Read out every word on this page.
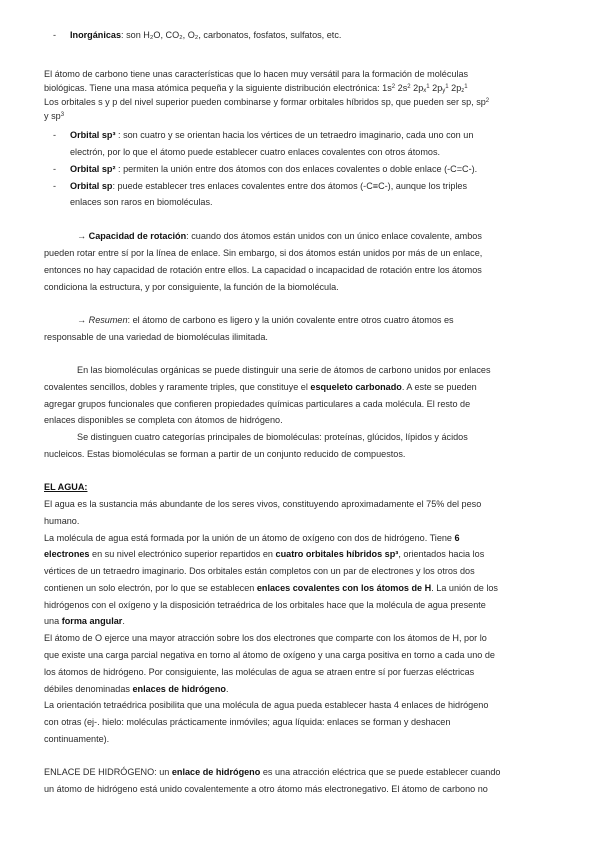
- Inorgánicas: son H₂O, CO₂, O₂, carbonatos, fosfatos, sulfatos, etc.
El átomo de carbono tiene unas características que lo hacen muy versátil para la formación de moléculas
biológicas. Tiene una masa atómica pequeña y la siguiente distribución electrónica: $1s^2$ $2s^2$ $2p_x^1$ $2p_y^1$ $2p_z^1$
Los orbitales s y p del nivel superior pueden combinarse y formar orbitales híbridos sp, que pueden ser sp, $sp^2$
y $sp^3$
- Orbital sp³ : son cuatro y se orientan hacia los vértices de un tetraedro imaginario, cada uno con un
electrón, por lo que el átomo puede establecer cuatro enlaces covalentes con otros átomos.
- Orbital sp² : permiten la unión entre dos átomos con dos enlaces covalentes o doble enlace (-C=C-).
- Orbital sp: puede establecer tres enlaces covalentes entre dos átomos (-C≡C-), aunque los triples
enlaces son raros en biomoléculas.
→ Capacidad de rotación: cuando dos átomos están unidos con un único enlace covalente, ambos
pueden rotar entre sí por la línea de enlace. Sin embargo, si dos átomos están unidos por más de un enlace,
entonces no hay capacidad de rotación entre ellos. La capacidad o incapacidad de rotación entre los átomos
condiciona la estructura, y por consiguiente, la función de la biomolécula.
→ Resumen: el átomo de carbono es ligero y la unión covalente entre otros cuatro átomos es
responsable de una variedad de biomoléculas ilimitada.
En las biomoléculas orgánicas se puede distinguir una serie de átomos de carbono unidos por enlaces
covalentes sencillos, dobles y raramente triples, que constituye el esqueleto carbonado. A este se pueden
agregar grupos funcionales que confieren propiedades químicas particulares a cada molécula. El resto de
enlaces disponibles se completa con átomos de hidrógeno.
Se distinguen cuatro categorías principales de biomoléculas: proteínas, glúcidos, lípidos y ácidos
nucleicos. Estas biomoléculas se forman a partir de un conjunto reducido de compuestos.
EL AGUA:
El agua es la sustancia más abundante de los seres vivos, constituyendo aproximadamente el 75% del peso
humano.
La molécula de agua está formada por la unión de un átomo de oxígeno con dos de hidrógeno. Tiene 6
electrones en su nivel electrónico superior repartidos en cuatro orbitales híbridos sp³, orientados hacia los
vértices de un tetraedro imaginario. Dos orbitales están completos con un par de electrones y los otros dos
contienen un solo electrón, por lo que se establecen enlaces covalentes con los átomos de H. La unión de los
hidrógenos con el oxígeno y la disposición tetraédrica de los orbitales hace que la molécula de agua presente
una forma angular.
El átomo de O ejerce una mayor atracción sobre los dos electrones que comparte con los átomos de H, por lo
que existe una carga parcial negativa en torno al átomo de oxígeno y una carga positiva en torno a cada uno de
los átomos de hidrógeno. Por consiguiente, las moléculas de agua se atraen entre sí por fuerzas eléctricas
débiles denominadas enlaces de hidrógeno.
La orientación tetraédrica posibilita que una molécula de agua pueda establecer hasta 4 enlaces de hidrógeno
con otras (ej-. hielo: moléculas prácticamente inmóviles; agua líquida: enlaces se forman y deshacen
continuamente).
ENLACE DE HIDRÓGENO: un enlace de hidrógeno es una atracción eléctrica que se puede establecer cuando
un átomo de hidrógeno está unido covalentemente a otro átomo más electronegativo. El átomo de carbono no
